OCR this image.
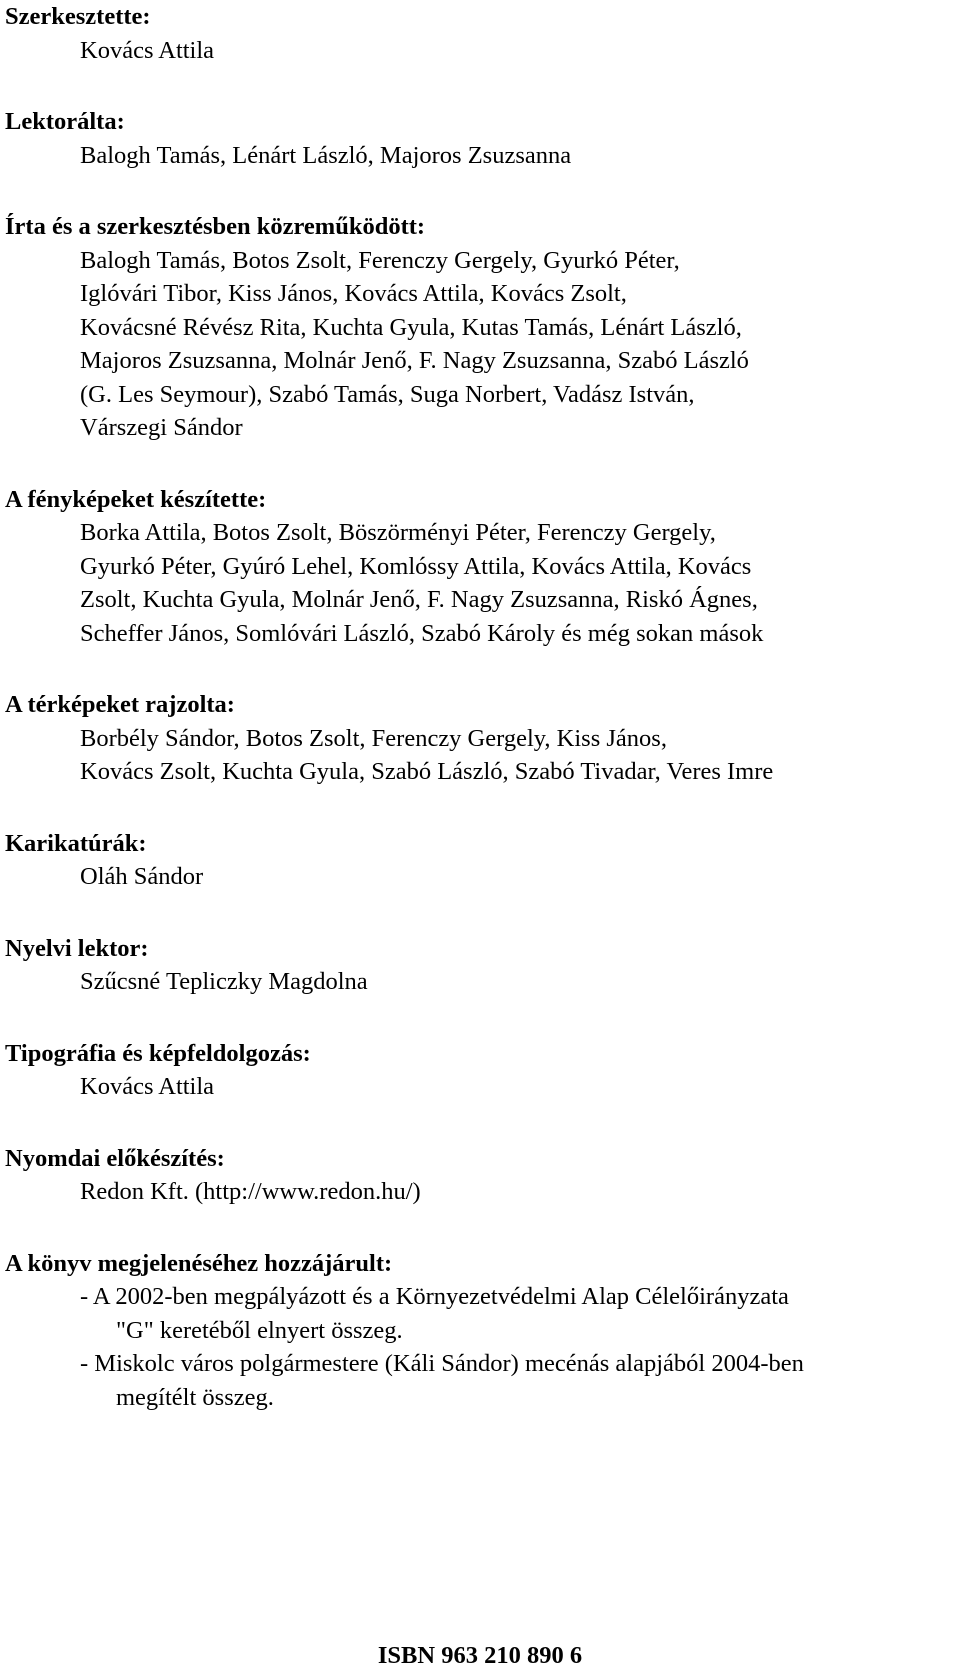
Szerkesztette:
Kovács Attila
Lektorálta:
Balogh Tamás, Lénárt László, Majoros Zsuzsanna
Írta és a szerkesztésben közreműködött:
Balogh Tamás, Botos Zsolt, Ferenczy Gergely, Gyurkó Péter,
Iglóvári Tibor, Kiss János, Kovács Attila, Kovács Zsolt,
Kovácsné Révész Rita, Kuchta Gyula, Kutas Tamás, Lénárt László,
Majoros Zsuzsanna, Molnár Jenő, F. Nagy Zsuzsanna, Szabó László
(G. Les Seymour), Szabó Tamás, Suga Norbert, Vadász István,
Várszegi Sándor
A fényképeket készítette:
Borka Attila, Botos Zsolt, Böszörményi Péter, Ferenczy Gergely,
Gyurkó Péter, Gyúró Lehel, Komlóssy Attila, Kovács Attila, Kovács
Zsolt, Kuchta Gyula, Molnár Jenő, F. Nagy Zsuzsanna, Riskó Ágnes,
Scheffer János, Somlóvári László, Szabó Károly és még sokan mások
A térképeket rajzolta:
Borbély Sándor, Botos Zsolt, Ferenczy Gergely, Kiss János,
Kovács Zsolt, Kuchta Gyula, Szabó László, Szabó Tivadar, Veres Imre
Karikatúrák:
Oláh Sándor
Nyelvi lektor:
Szűcsné Tepliczky Magdolna
Tipográfia és képfeldolgozás:
Kovács Attila
Nyomdai előkészítés:
Redon Kft. (http://www.redon.hu/)
A könyv megjelenéséhez hozzájárult:
- A 2002-ben megpályázott és a Környezetvédelmi Alap Célelőirányzata
"G" keretéből elnyert összeg.
- Miskolc város polgármestere (Káli Sándor) mecénás alapjából 2004-ben
megítélt összeg.
ISBN 963 210 890 6
